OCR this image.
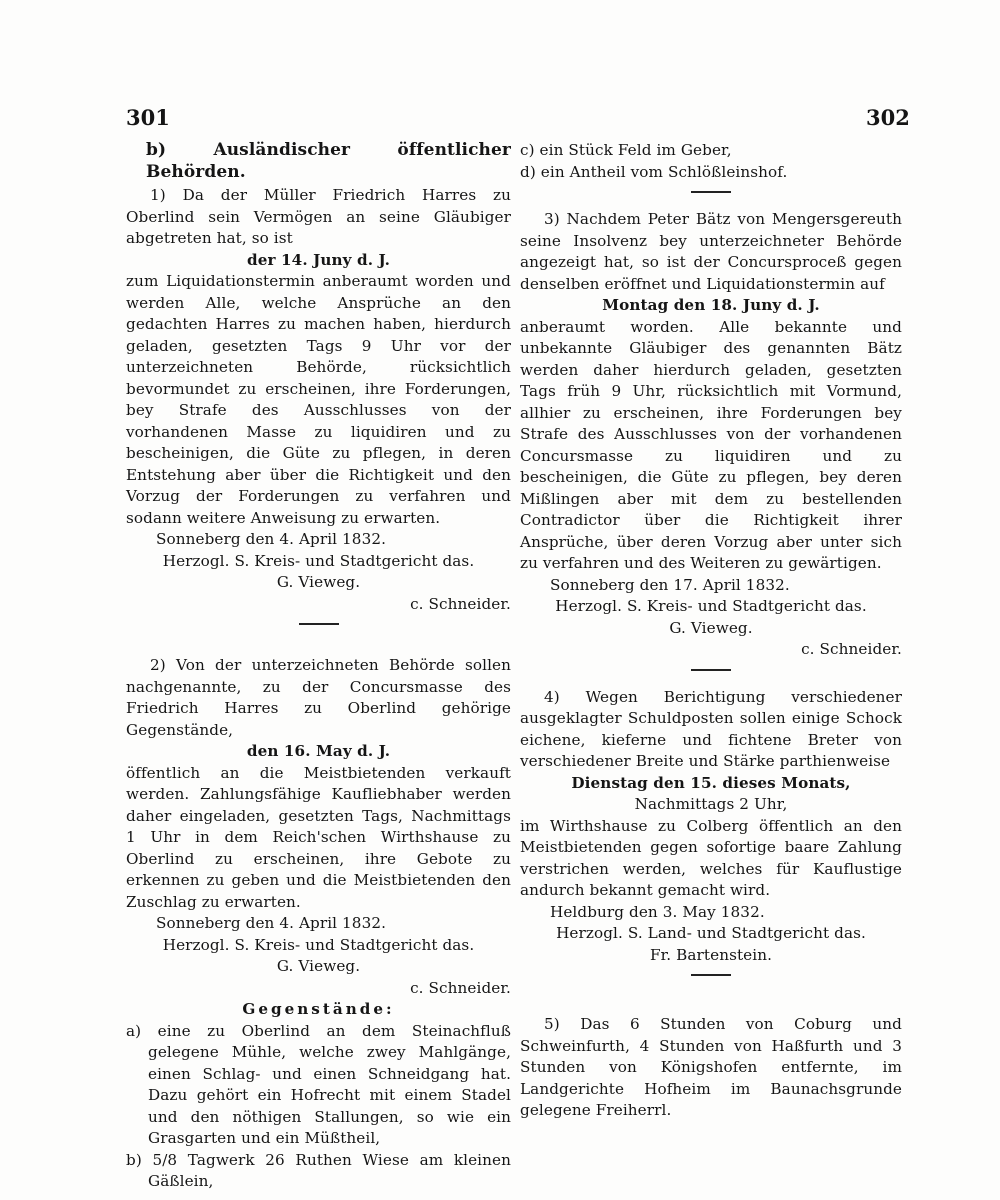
301	302

b) Ausländischer öffentlicher Behörden.

1) Da der Müller Friedrich Harres zu Oberlind sein Vermögen an seine Gläubiger abgetreten hat, so ist

der 14. Juny d. J.

zum Liquidationstermin anberaumt worden und werden Alle, welche Ansprüche an den gedachten Harres zu machen haben, hierdurch geladen, gesetzten Tags 9 Uhr vor der unterzeichneten Behörde, rücksichtlich bevormundet zu erscheinen, ihre Forderungen, bey Strafe des Ausschlusses von der vorhandenen Masse zu liquidiren und zu bescheinigen, die Güte zu pflegen, in deren Entstehung aber über die Richtigkeit und den Vorzug der Forderungen zu verfahren und sodann weitere Anweisung zu erwarten.

Sonneberg den 4. April 1832.

Herzogl. S. Kreis- und Stadtgericht das.

G. Vieweg.

c. Schneider.

2) Von der unterzeichneten Behörde sollen nachgenannte, zu der Concursmasse des Friedrich Harres zu Oberlind gehörige Gegenstände,

den 16. May d. J.

öffentlich an die Meistbietenden verkauft werden. Zahlungsfähige Kaufliebhaber werden daher eingeladen, gesetzten Tags, Nachmittags 1 Uhr in dem Reich'schen Wirthshause zu Oberlind zu erscheinen, ihre Gebote zu erkennen zu geben und die Meistbietenden den Zuschlag zu erwarten.

Sonneberg den 4. April 1832.

Herzogl. S. Kreis- und Stadtgericht das.

G. Vieweg.

c. Schneider.

Gegenstände:

a) eine zu Oberlind an dem Steinachfluß gelegene Mühle, welche zwey Mahlgänge, einen Schlag- und einen Schneidgang hat. Dazu gehört ein Hofrecht mit einem Stadel und den nöthigen Stallungen, so wie ein Grasgarten und ein Müßtheil,

b) 5/8 Tagwerk 26 Ruthen Wiese am kleinen Gäßlein,

c) ein Stück Feld im Geber,

d) ein Antheil vom Schlößleinshof.

3) Nachdem Peter Bätz von Mengersgereuth seine Insolvenz bey unterzeichneter Behörde angezeigt hat, so ist der Concursproceß gegen denselben eröffnet und Liquidationstermin auf

Montag den 18. Juny d. J.

anberaumt worden. Alle bekannte und unbekannte Gläubiger des genannten Bätz werden daher hierdurch geladen, gesetzten Tags früh 9 Uhr, rücksichtlich mit Vormund, allhier zu erscheinen, ihre Forderungen bey Strafe des Ausschlusses von der vorhandenen Concursmasse zu liquidiren und zu bescheinigen, die Güte zu pflegen, bey deren Mißlingen aber mit dem zu bestellenden Contradictor über die Richtigkeit ihrer Ansprüche, über deren Vorzug aber unter sich zu verfahren und des Weiteren zu gewärtigen.

Sonneberg den 17. April 1832.

Herzogl. S. Kreis- und Stadtgericht das.

G. Vieweg.

c. Schneider.

4) Wegen Berichtigung verschiedener ausgeklagter Schuldposten sollen einige Schock eichene, kieferne und fichtene Breter von verschiedener Breite und Stärke parthienweise

Dienstag den 15. dieses Monats,

Nachmittags 2 Uhr,

im Wirthshause zu Colberg öffentlich an den Meistbietenden gegen sofortige baare Zahlung verstrichen werden, welches für Kauflustige andurch bekannt gemacht wird.

Heldburg den 3. May 1832.

Herzogl. S. Land- und Stadtgericht das.

Fr. Bartenstein.

5) Das 6 Stunden von Coburg und Schweinfurth, 4 Stunden von Haßfurth und 3 Stunden von Königshofen entfernte, im Landgerichte Hofheim im Baunachsgrunde gelegene Freiherrl.
